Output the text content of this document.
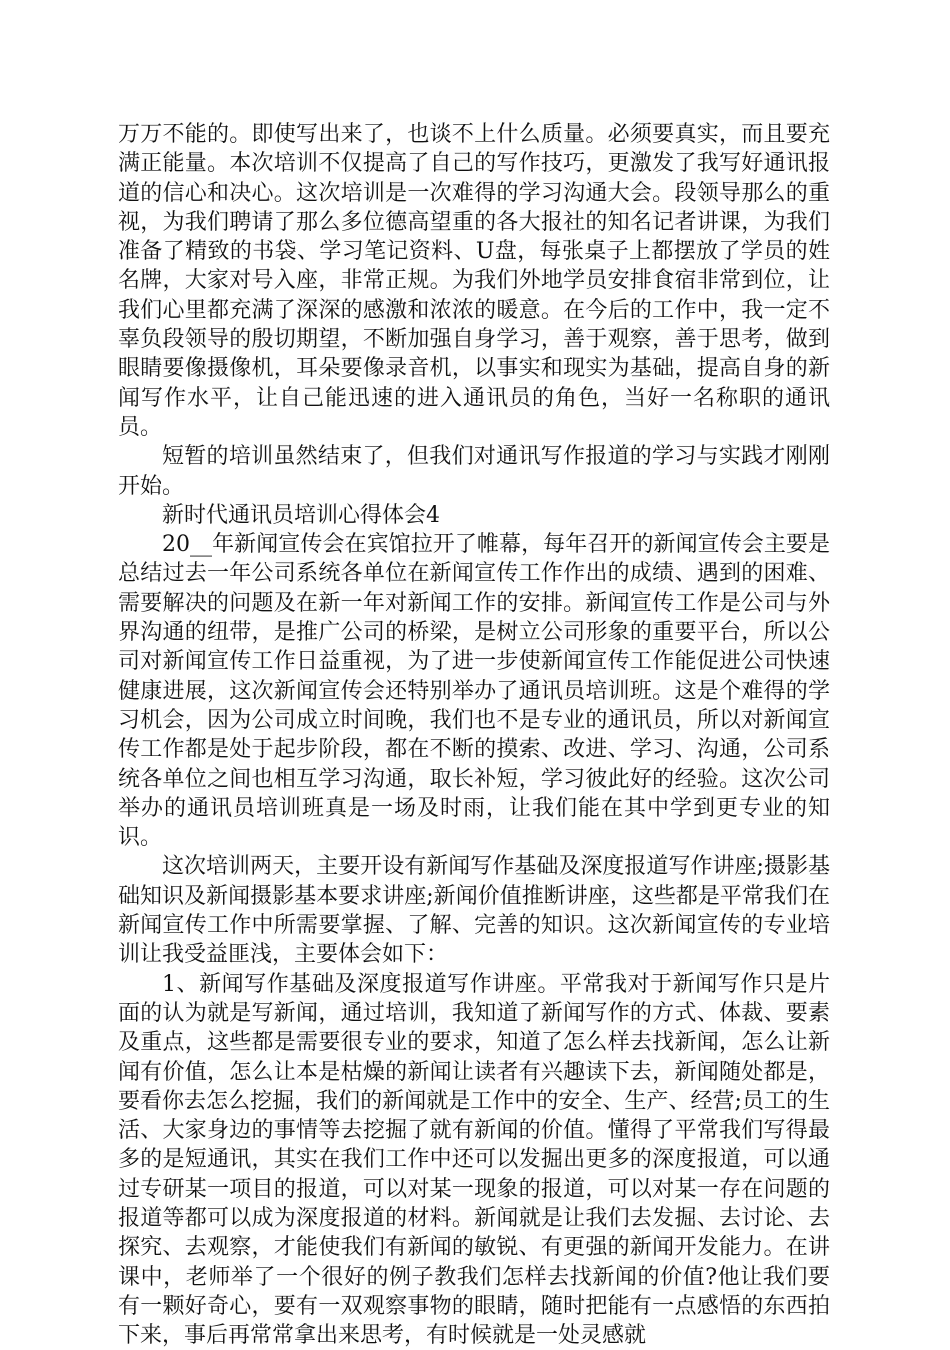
万万不能的。即使写出来了，也谈不上什么质量。必须要真实，而且要充满正能量。本次培训不仅提高了自己的写作技巧，更激发了我写好通讯报道的信心和决心。这次培训是一次难得的学习沟通大会。段领导那么的重视，为我们聘请了那么多位德高望重的各大报社的知名记者讲课，为我们准备了精致的书袋、学习笔记资料、U盘，每张桌子上都摆放了学员的姓名牌，大家对号入座，非常正规。为我们外地学员安排食宿非常到位，让我们心里都充满了深深的感激和浓浓的暖意。在今后的工作中，我一定不辜负段领导的殷切期望，不断加强自身学习，善于观察，善于思考，做到眼睛要像摄像机，耳朵要像录音机，以事实和现实为基础，提高自身的新闻写作水平，让自己能迅速的进入通讯员的角色，当好一名称职的通讯员。

短暂的培训虽然结束了，但我们对通讯写作报道的学习与实践才刚刚开始。

新时代通讯员培训心得体会4

20__年新闻宣传会在宾馆拉开了帷幕，每年召开的新闻宣传会主要是总结过去一年公司系统各单位在新闻宣传工作作出的成绩、遇到的困难、需要解决的问题及在新一年对新闻工作的安排。新闻宣传工作是公司与外界沟通的纽带，是推广公司的桥梁，是树立公司形象的重要平台，所以公司对新闻宣传工作日益重视，为了进一步使新闻宣传工作能促进公司快速健康进展，这次新闻宣传会还特别举办了通讯员培训班。这是个难得的学习机会，因为公司成立时间晚，我们也不是专业的通讯员，所以对新闻宣传工作都是处于起步阶段，都在不断的摸索、改进、学习、沟通，公司系统各单位之间也相互学习沟通，取长补短，学习彼此好的经验。这次公司举办的通讯员培训班真是一场及时雨，让我们能在其中学到更专业的知识。

这次培训两天，主要开设有新闻写作基础及深度报道写作讲座;摄影基础知识及新闻摄影基本要求讲座;新闻价值推断讲座，这些都是平常我们在新闻宣传工作中所需要掌握、了解、完善的知识。这次新闻宣传的专业培训让我受益匪浅，主要体会如下：

1、新闻写作基础及深度报道写作讲座。平常我对于新闻写作只是片面的认为就是写新闻，通过培训，我知道了新闻写作的方式、体裁、要素及重点，这些都是需要很专业的要求，知道了怎么样去找新闻，怎么让新闻有价值，怎么让本是枯燥的新闻让读者有兴趣读下去，新闻随处都是，要看你去怎么挖掘，我们的新闻就是工作中的安全、生产、经营;员工的生活、大家身边的事情等去挖掘了就有新闻的价值。懂得了平常我们写得最多的是短通讯，其实在我们工作中还可以发掘出更多的深度报道，可以通过专研某一项目的报道，可以对某一现象的报道，可以对某一存在问题的报道等都可以成为深度报道的材料。新闻就是让我们去发掘、去讨论、去探究、去观察，才能使我们有新闻的敏锐、有更强的新闻开发能力。在讲课中，老师举了一个很好的例子教我们怎样去找新闻的价值?他让我们要有一颗好奇心，要有一双观察事物的眼睛，随时把能有一点感悟的东西拍下来，事后再常常拿出来思考，有时候就是一处灵感就
